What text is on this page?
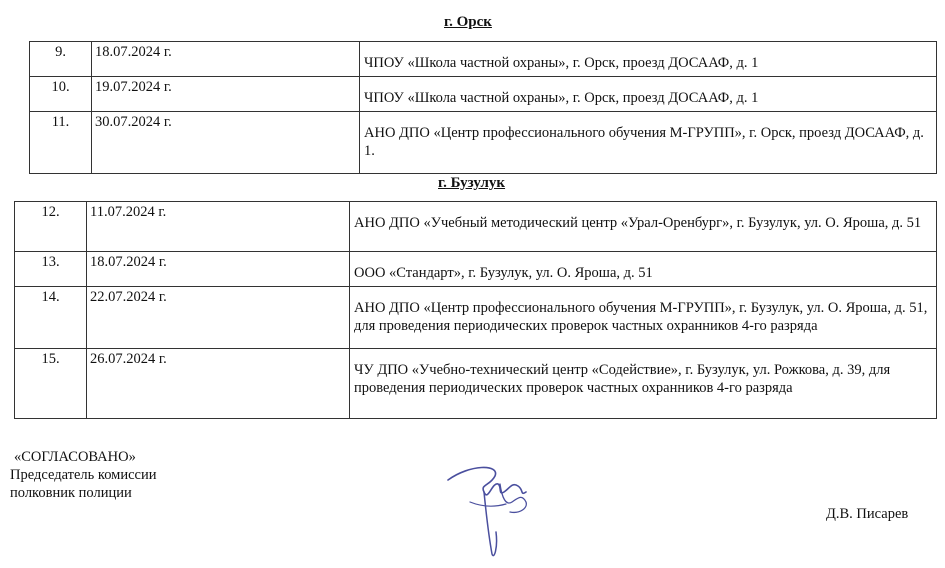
г. Орск
9.	18.07.2024 г.	ЧПОУ «Школа частной охраны», г. Орск, проезд ДОСААФ, д. 1
10.	19.07.2024 г.	ЧПОУ «Школа частной охраны», г. Орск, проезд ДОСААФ, д. 1
11.	30.07.2024 г.	АНО ДПО «Центр профессионального обучения М-ГРУПП», г. Орск, проезд ДОСААФ, д. 1.
г. Бузулук
12.	11.07.2024 г.	АНО ДПО «Учебный методический центр «Урал-Оренбург», г. Бузулук, ул. О. Яроша, д. 51
13.	18.07.2024 г.	ООО «Стандарт», г. Бузулук, ул. О. Яроша, д. 51
14.	22.07.2024 г.	АНО ДПО «Центр профессионального обучения М-ГРУПП», г. Бузулук, ул. О. Яроша, д. 51, для проведения периодических проверок частных охранников 4-го разряда
15.	26.07.2024 г.	ЧУ ДПО «Учебно-технический центр «Содействие», г. Бузулук, ул. Рожкова, д. 39, для проведения периодических проверок частных охранников 4-го разряда
«СОГЛАСОВАНО»
Председатель комиссии
полковник полиции
Д.В. Писарев
